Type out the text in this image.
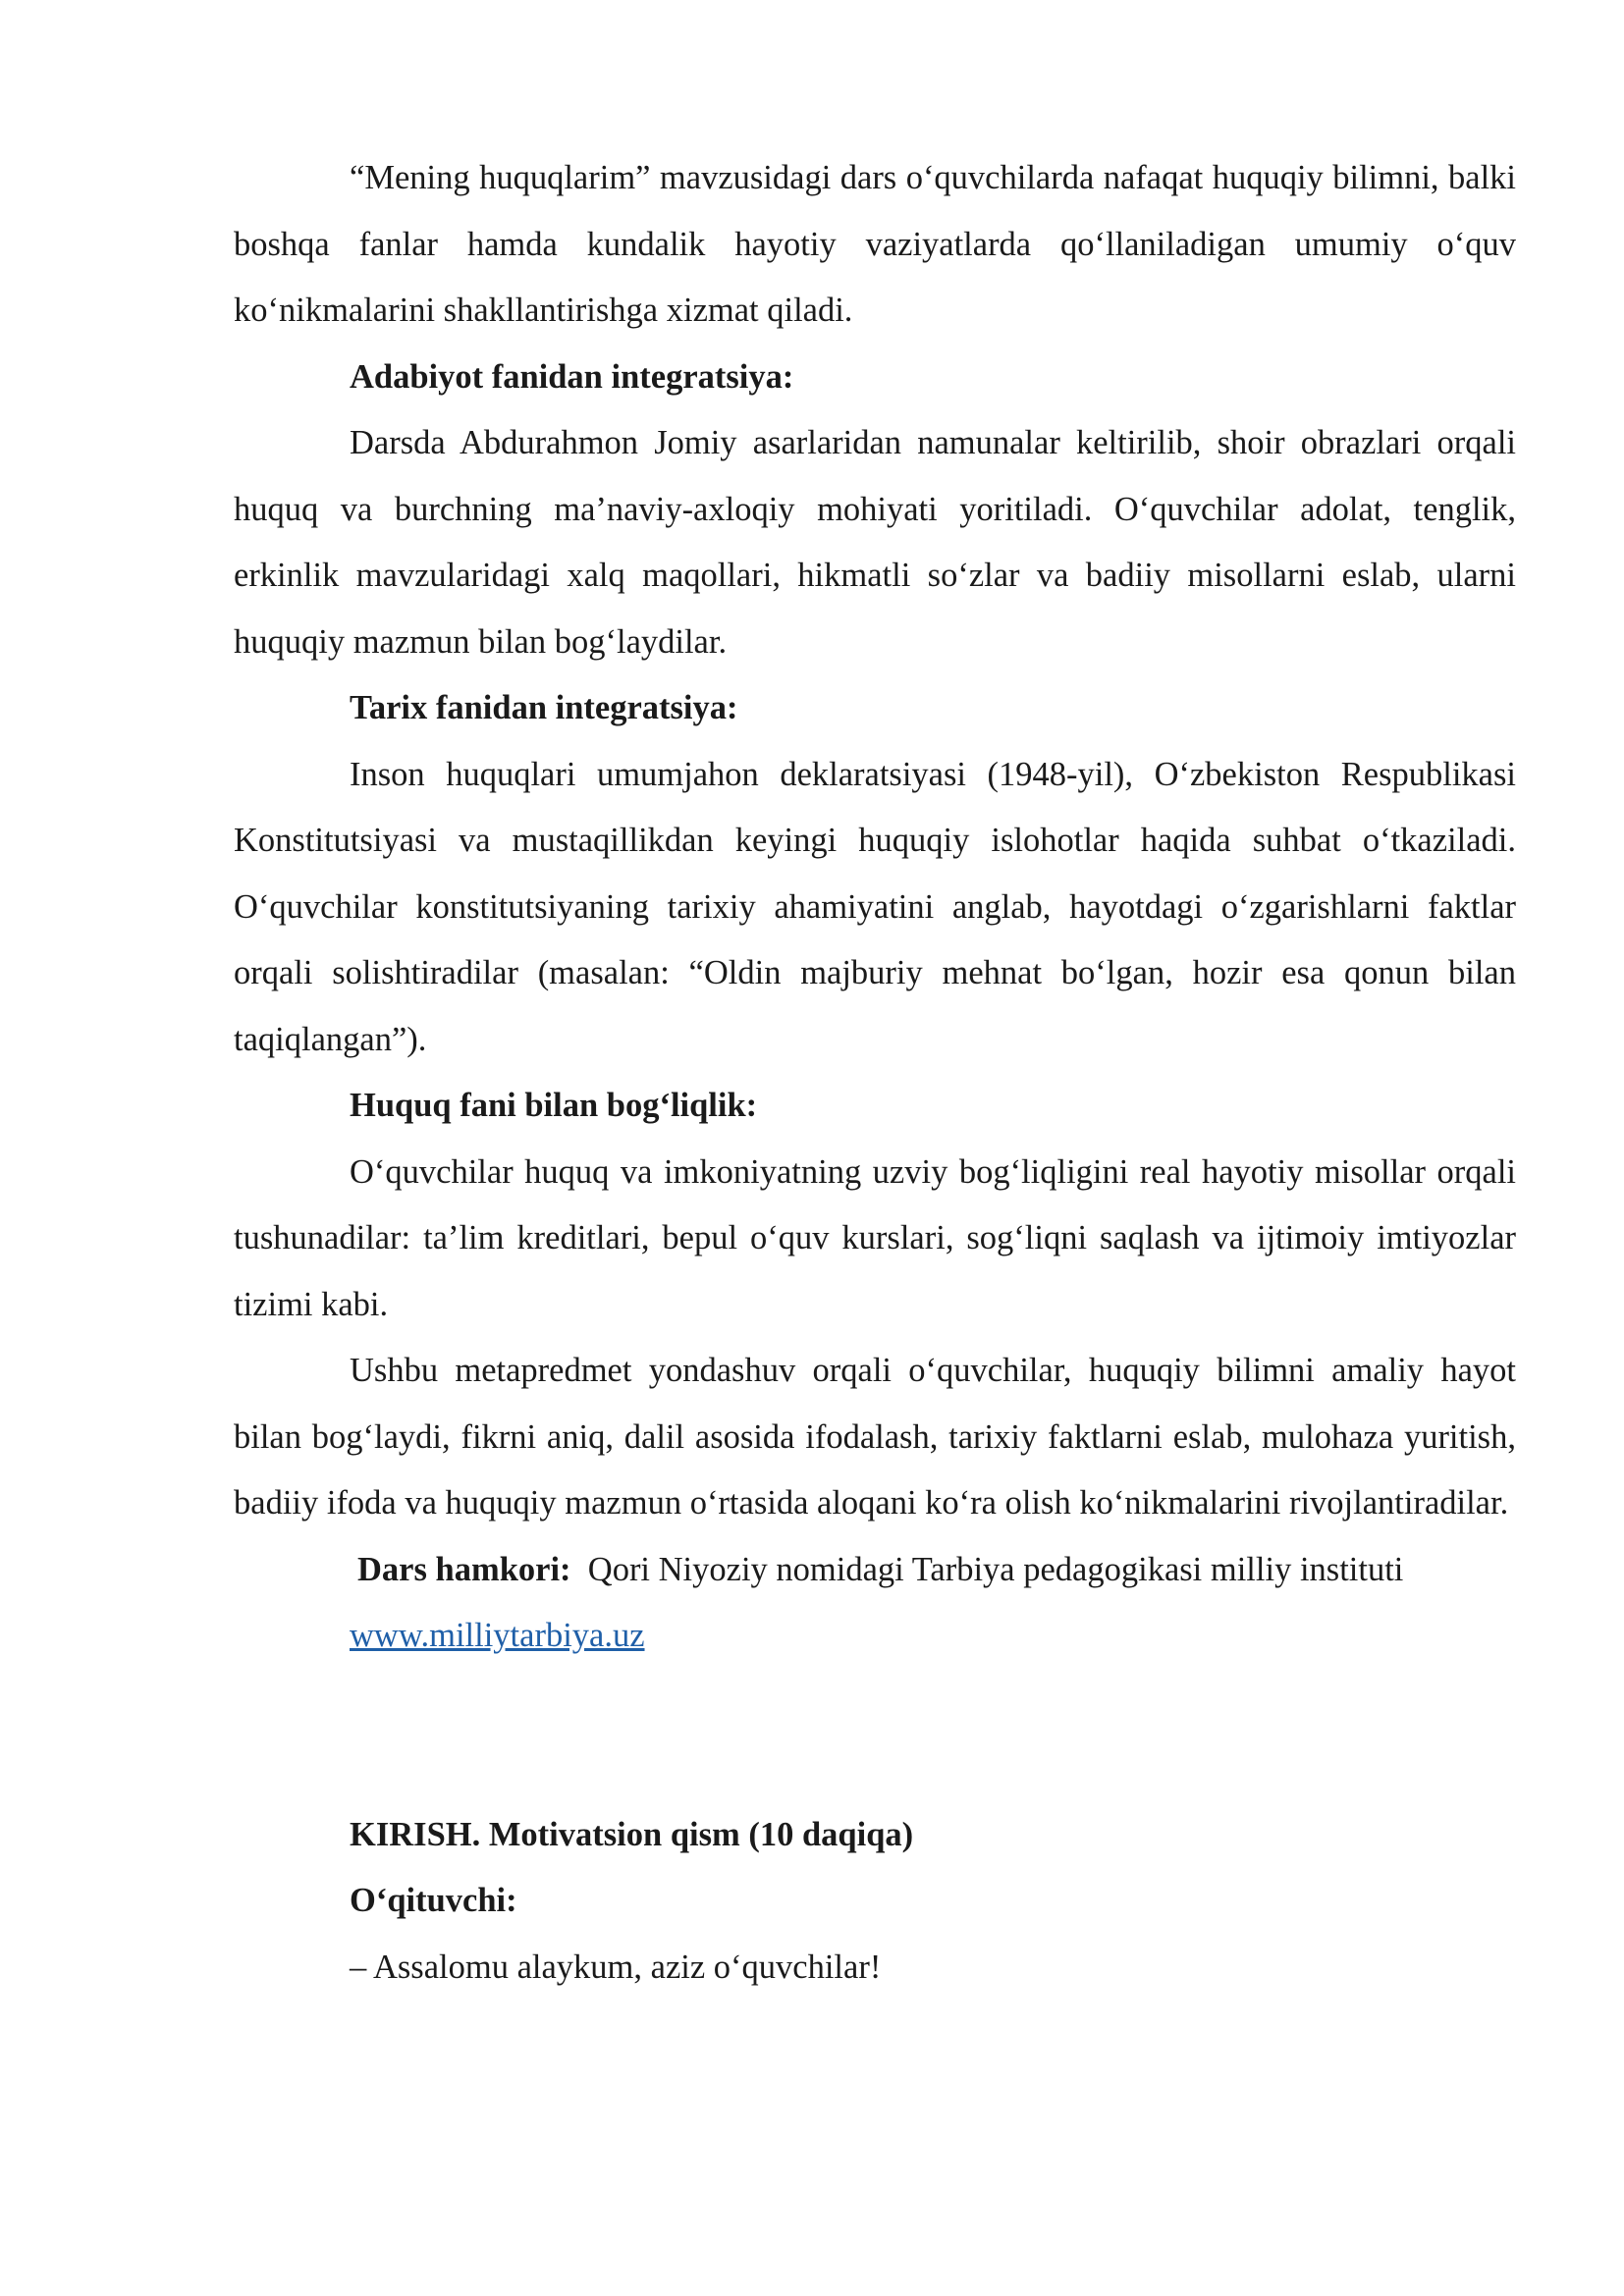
“Mening huquqlarim” mavzusidagi dars o‘quvchilarda nafaqat huquqiy bilimni, balki boshqa fanlar hamda kundalik hayotiy vaziyatlarda qo‘llaniladigan umumiy o‘quv ko‘nikmalarini shakllantirishga xizmat qiladi.

Adabiyot fanidan integratsiya:

Darsda Abdurahmon Jomiy asarlaridan namunalar keltirilib, shoir obrazlari orqali huquq va burchning ma’naviy-axloqiy mohiyati yoritiladi. O‘quvchilar adolat, tenglik, erkinlik mavzularidagi xalq maqollari, hikmatli so‘zlar va badiiy misollarni eslab, ularni huquqiy mazmun bilan bog‘laydilar.

Tarix fanidan integratsiya:

Inson huquqlari umumjahon deklaratsiyasi (1948-yil), O‘zbekiston Respublikasi Konstitutsiyasi va mustaqillikdan keyingi huquqiy islohotlar haqida suhbat o‘tkaziladi. O‘quvchilar konstitutsiyaning tarixiy ahamiyatini anglab, hayotdagi o‘zgarishlarni faktlar orqali solishtiradilar (masalan: “Oldin majburiy mehnat bo‘lgan, hozir esa qonun bilan taqiqlangan”).

Huquq fani bilan bog‘liqlik:

O‘quvchilar huquq va imkoniyatning uzviy bog‘liqligini real hayotiy misollar orqali tushunadilar: ta’lim kreditlari, bepul o‘quv kurslari, sog‘liqni saqlash va ijtimoiy imtiyozlar tizimi kabi.

Ushbu metapredmet yondashuv orqali o‘quvchilar, huquqiy bilimni amaliy hayot bilan bog‘laydi, fikrni aniq, dalil asosida ifodalash, tarixiy faktlarni eslab, mulohaza yuritish, badiiy ifoda va huquqiy mazmun o‘rtasida aloqani ko‘ra olish ko‘nikmalarini rivojlantiradilar.

Dars hamkori: Qori Niyoziy nomidagi Tarbiya pedagogikasi milliy instituti

www.milliytarbiya.uz

KIRISH. Motivatsion qism (10 daqiqa)

O‘qituvchi:

– Assalomu alaykum, aziz o‘quvchilar!
